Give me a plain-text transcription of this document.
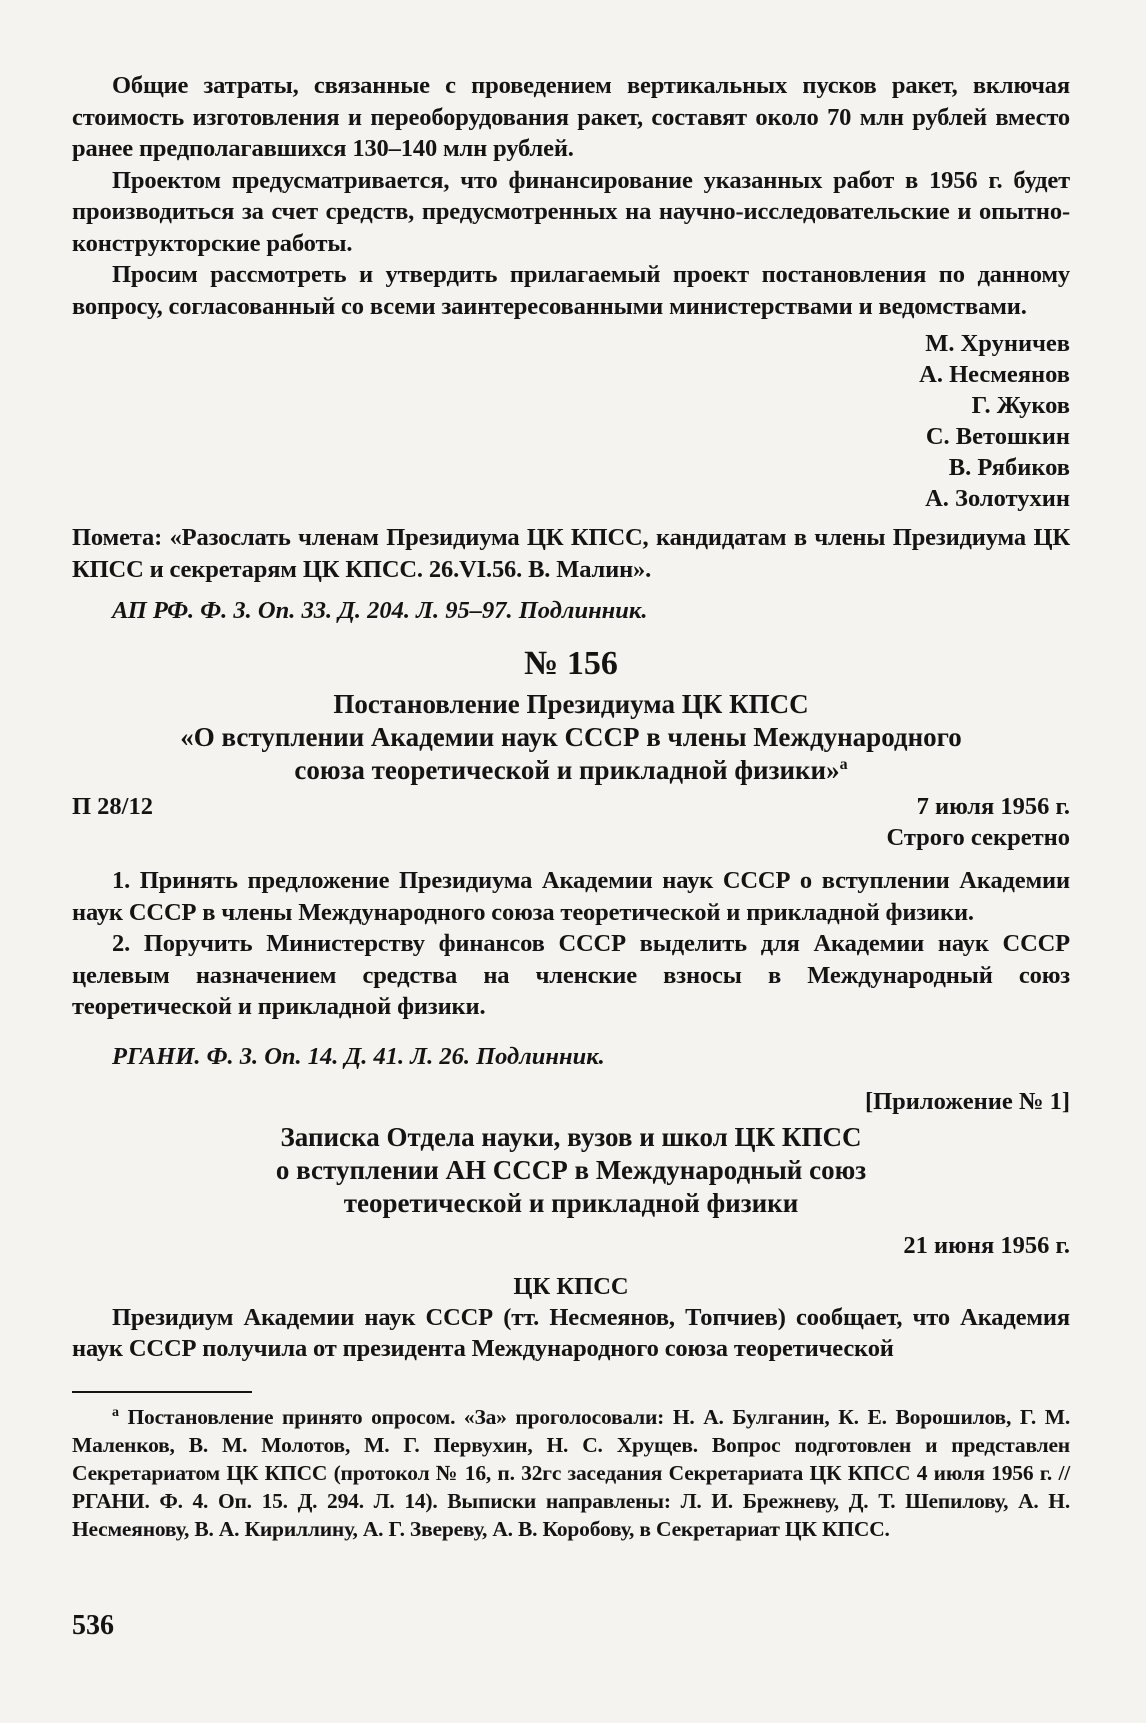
Общие затраты, связанные с проведением вертикальных пусков ракет, включая стоимость изготовления и переоборудования ракет, составят около 70 млн рублей вместо ранее предполагавшихся 130–140 млн рублей.

Проектом предусматривается, что финансирование указанных работ в 1956 г. будет производиться за счет средств, предусмотренных на научно-исследовательские и опытно-конструкторские работы.

Просим рассмотреть и утвердить прилагаемый проект постановления по данному вопросу, согласованный со всеми заинтересованными министерствами и ведомствами.

М. Хруничев
А. Несмеянов
Г. Жуков
С. Ветошкин
В. Рябиков
А. Золотухин

Помета: «Разослать членам Президиума ЦК КПСС, кандидатам в члены Президиума ЦК КПСС и секретарям ЦК КПСС. 26.VI.56. В. Малин».

АП РФ. Ф. 3. Оп. 33. Д. 204. Л. 95–97. Подлинник.

№ 156
Постановление Президиума ЦК КПСС
«О вступлении Академии наук СССР в члены Международного
союза теоретической и прикладной физики»$^а$
П 28/12	7 июля 1956 г.
Строго секретно

1. Принять предложение Президиума Академии наук СССР о вступлении Академии наук СССР в члены Международного союза теоретической и прикладной физики.

2. Поручить Министерству финансов СССР выделить для Академии наук СССР целевым назначением средства на членские взносы в Международный союз теоретической и прикладной физики.

РГАНИ. Ф. 3. Оп. 14. Д. 41. Л. 26. Подлинник.

[Приложение № 1]
Записка Отдела науки, вузов и школ ЦК КПСС
о вступлении АН СССР в Международный союз
теоретической и прикладной физики
21 июня 1956 г.
ЦК КПСС

Президиум Академии наук СССР (тт. Несмеянов, Топчиев) сообщает, что Академия наук СССР получила от президента Международного союза теоретической

$^а$ Постановление принято опросом. «За» проголосовали: Н. А. Булганин, К. Е. Ворошилов, Г. М. Маленков, В. М. Молотов, М. Г. Первухин, Н. С. Хрущев. Вопрос подготовлен и представлен Секретариатом ЦК КПСС (протокол № 16, п. 32гс заседания Секретариата ЦК КПСС 4 июля 1956 г. // РГАНИ. Ф. 4. Оп. 15. Д. 294. Л. 14). Выписки направлены: Л. И. Брежневу, Д. Т. Шепилову, А. Н. Несмеянову, В. А. Кириллину, А. Г. Звереву, А. В. Коробову, в Секретариат ЦК КПСС.

536
